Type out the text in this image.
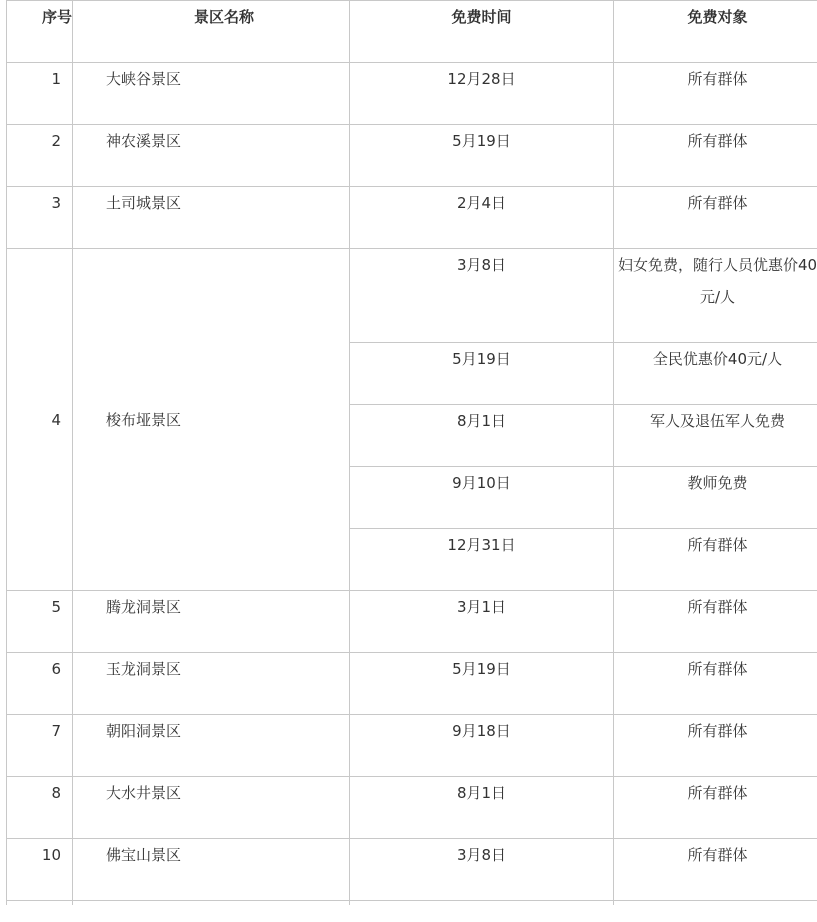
序号	景区名称	免费时间	免费对象
1	大峡谷景区	12月28日	所有群体
2	神农溪景区	5月19日	所有群体
3	土司城景区	2月4日	所有群体
4	梭布垭景区	3月8日	妇女免费，随行人员优惠价40元/人
		5月19日	全民优惠价40元/人
		8月1日	军人及退伍军人免费
		9月10日	教师免费
		12月31日	所有群体
5	腾龙洞景区	3月1日	所有群体
6	玉龙洞景区	5月19日	所有群体
7	朝阳洞景区	9月18日	所有群体
8	大水井景区	8月1日	所有群体
10	佛宝山景区	3月8日	所有群体
